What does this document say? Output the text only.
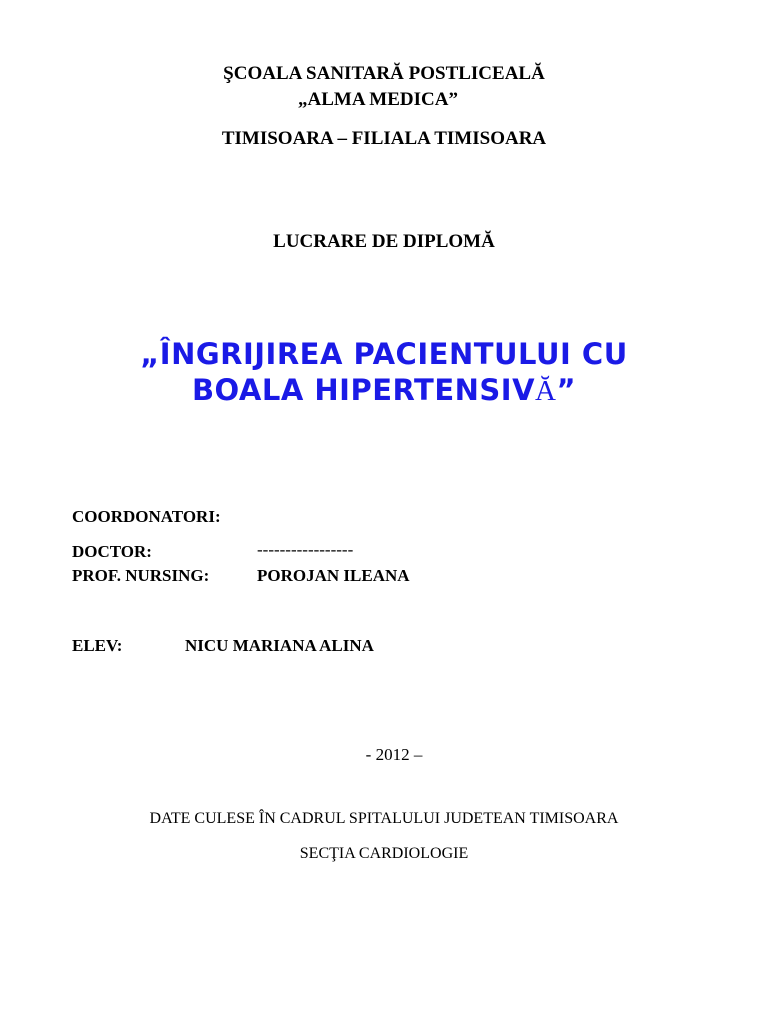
ŞCOALA SANITARĂ POSTLICEALĂ
„ALMA MEDICA”
TIMISOARA – FILIALA TIMISOARA
LUCRARE DE DIPLOMĂ
„ÎNGRIJIREA PACIENTULUI CU
BOALA HIPERTENSIVĂ”
COORDONATORI:
DOCTOR:	-----------------
PROF. NURSING:	POROJAN ILEANA
ELEV:	NICU MARIANA ALINA
- 2012 –
DATE CULESE ÎN CADRUL SPITALULUI JUDETEAN TIMISOARA
SECŢIA CARDIOLOGIE
